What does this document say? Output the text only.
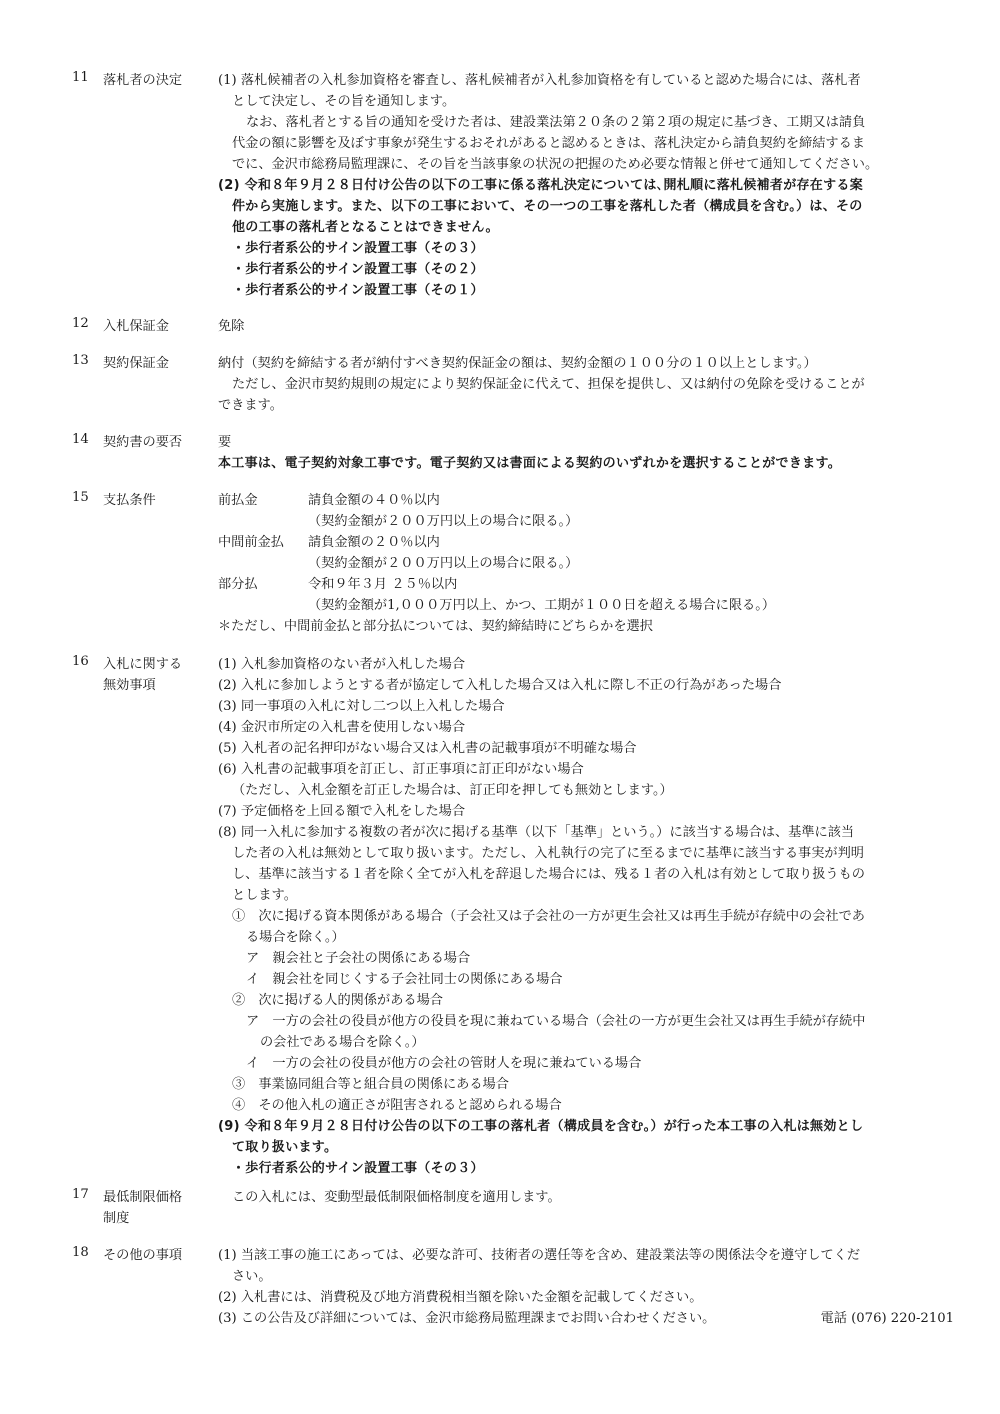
11 落札者の決定	(1) 落札候補者の入札参加資格を審査し、落札候補者が入札参加資格を有していると認めた場合には、落札者
として決定し、その旨を通知します。
なお、落札者とする旨の通知を受けた者は、建設業法第２０条の２第２項の規定に基づき、工期又は請負
代金の額に影響を及ぼす事象が発生するおそれがあると認めるときは、落札決定から請負契約を締結するま
でに、金沢市総務局監理課に、その旨を当該事象の状況の把握のため必要な情報と併せて通知してください。
(2) 令和８年９月２８日付け公告の以下の工事に係る落札決定については､開札順に落札候補者が存在する案
件から実施します。また、以下の工事において、その一つの工事を落札した者（構成員を含む。）は、その
他の工事の落札者となることはできません。
・歩行者系公的サイン設置工事（その３）
・歩行者系公的サイン設置工事（その２）
・歩行者系公的サイン設置工事（その１）
12 入札保証金	免除
13 契約保証金	納付（契約を締結する者が納付すべき契約保証金の額は、契約金額の１００分の１０以上とします。）
ただし、金沢市契約規則の規定により契約保証金に代えて、担保を提供し、又は納付の免除を受けることが
できます。
14 契約書の要否	要
本工事は、電子契約対象工事です。電子契約又は書面による契約のいずれかを選択することができます。
15 支払条件	前払金	請負金額の４０％以内
（契約金額が２００万円以上の場合に限る。）
中間前金払 請負金額の２０％以内
（契約金額が２００万円以上の場合に限る。）
部分払	令和９年３月 ２５％以内
（契約金額が1,０００万円以上、かつ、工期が１００日を超える場合に限る。）
＊ただし、中間前金払と部分払については、契約締結時にどちらかを選択
16 入札に関する
無効事項
(1) 入札参加資格のない者が入札した場合
(2) 入札に参加しようとする者が協定して入札した場合又は入札に際し不正の行為があった場合
(3) 同一事項の入札に対し二つ以上入札した場合
(4) 金沢市所定の入札書を使用しない場合
(5) 入札者の記名押印がない場合又は入札書の記載事項が不明確な場合
(6) 入札書の記載事項を訂正し、訂正事項に訂正印がない場合
（ただし、入札金額を訂正した場合は、訂正印を押しても無効とします。）
(7) 予定価格を上回る額で入札をした場合
(8) 同一入札に参加する複数の者が次に掲げる基準（以下「基準」という。）に該当する場合は、基準に該当
した者の入札は無効として取り扱います。ただし、入札執行の完了に至るまでに基準に該当する事実が判明
し、基準に該当する１者を除く全てが入札を辞退した場合には、残る１者の入札は有効として取り扱うもの
とします。
①　次に掲げる資本関係がある場合（子会社又は子会社の一方が更生会社又は再生手続が存続中の会社であ
る場合を除く。）
ア　親会社と子会社の関係にある場合
イ　親会社を同じくする子会社同士の関係にある場合
②　次に掲げる人的関係がある場合
ア　一方の会社の役員が他方の役員を現に兼ねている場合（会社の一方が更生会社又は再生手続が存続中
の会社である場合を除く。）
イ　一方の会社の役員が他方の会社の管財人を現に兼ねている場合
③　事業協同組合等と組合員の関係にある場合
④　その他入札の適正さが阻害されると認められる場合
(9) 令和８年９月２８日付け公告の以下の工事の落札者（構成員を含む。）が行った本工事の入札は無効とし
て取り扱います。
・歩行者系公的サイン設置工事（その３）
17 最低制限価格
制度
この入札には、変動型最低制限価格制度を適用します。
18 その他の事項	(1) 当該工事の施工にあっては、必要な許可、技術者の選任等を含め、建設業法等の関係法令を遵守してくだ
さい。
(2) 入札書には、消費税及び地方消費税相当額を除いた金額を記載してください。
(3) この公告及び詳細については、金沢市総務局監理課までお問い合わせください。	電話 (076) 220-2101
